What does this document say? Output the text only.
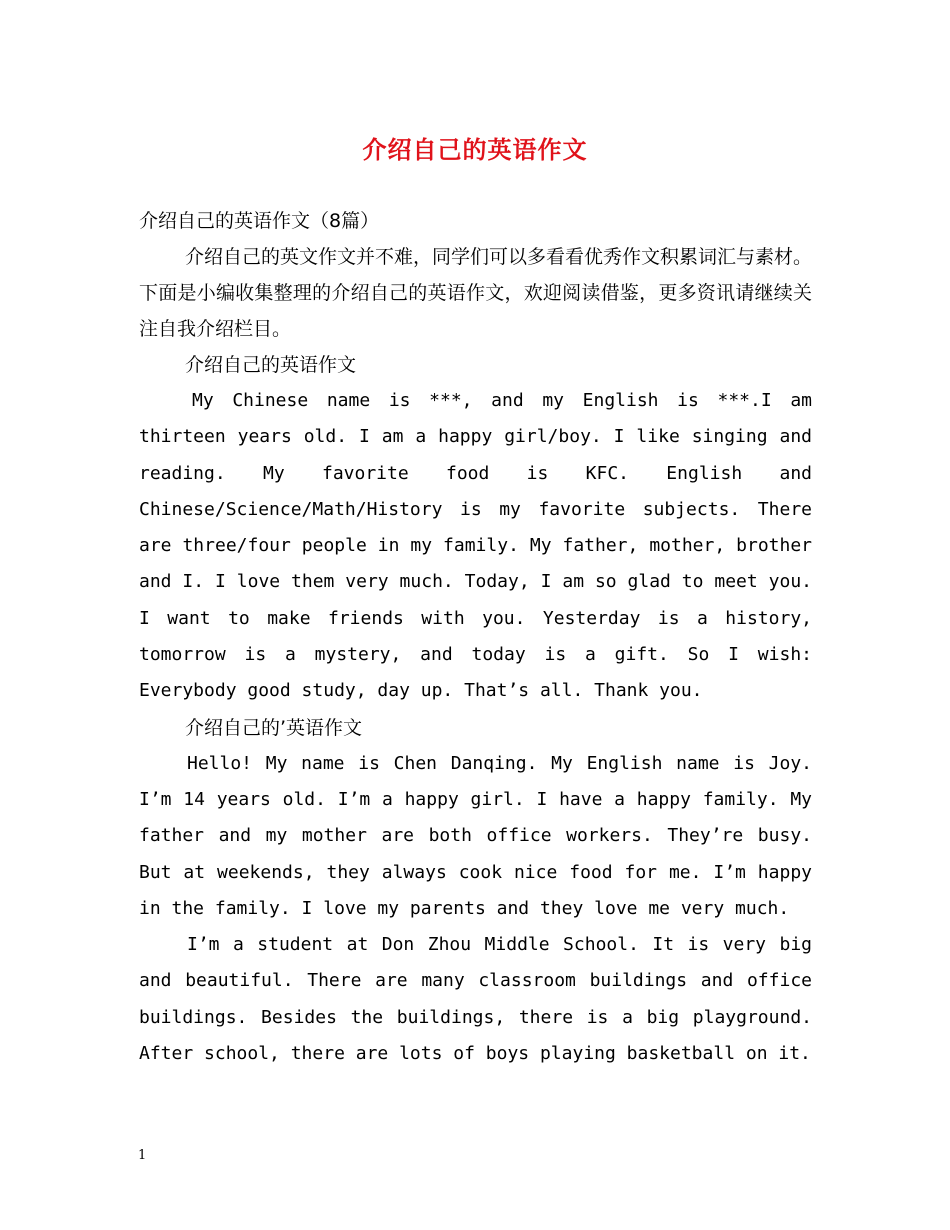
介绍自己的英语作文

介绍自己的英语作文（8篇）

介绍自己的英文作文并不难，同学们可以多看看优秀作文积累词汇与素材。下面是小编收集整理的介绍自己的英语作文，欢迎阅读借鉴，更多资讯请继续关注自我介绍栏目。

介绍自己的英语作文

My Chinese name is ***, and my English is ***.I am thirteen years old. I am a happy girl/boy. I like singing and reading. My favorite food is KFC. English and Chinese/Science/Math/History is my favorite subjects. There are three/four people in my family. My father, mother, brother and I. I love them very much. Today, I am so glad to meet you. I want to make friends with you. Yesterday is a history, tomorrow is a mystery, and today is a gift. So I wish: Everybody good study, day up. That’s all. Thank you.

介绍自己的’英语作文

Hello! My name is Chen Danqing. My English name is Joy. I’m 14 years old. I’m a happy girl. I have a happy family. My father and my mother are both office workers. They’re busy. But at weekends, they always cook nice food for me. I’m happy in the family. I love my parents and they love me very much.

I’m a student at Don Zhou Middle School. It is very big and beautiful. There are many classroom buildings and office buildings. Besides the buildings, there is a big playground. After school, there are lots of boys playing basketball on it.

1
